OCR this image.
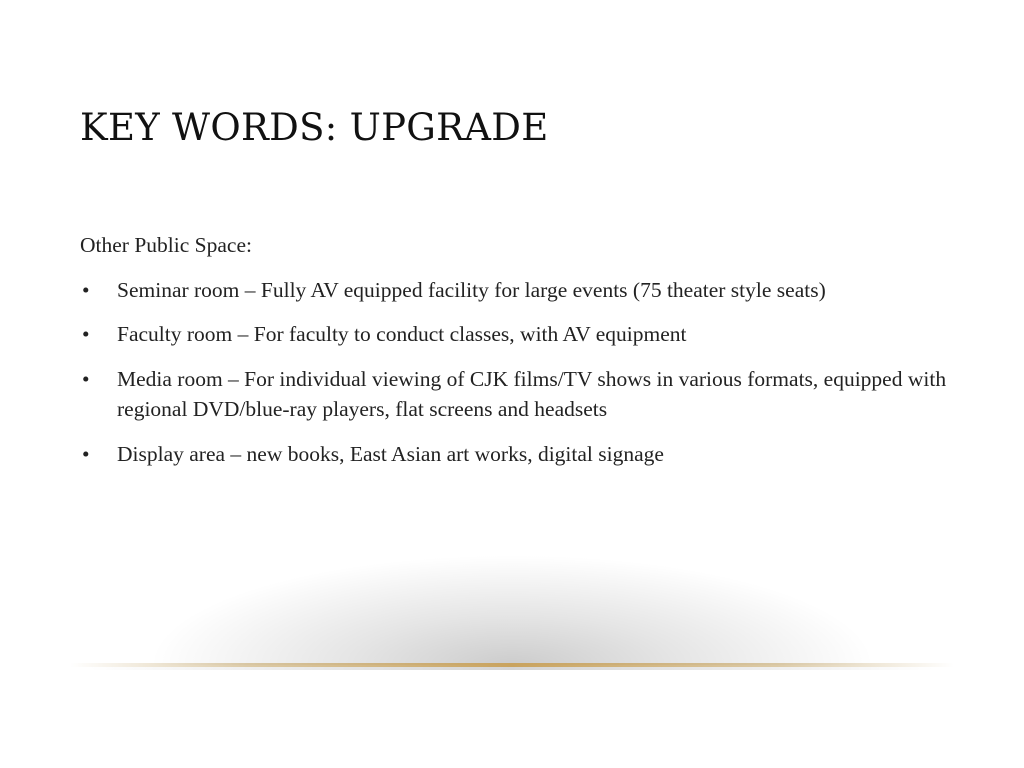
KEY WORDS: UPGRADE

Other Public Space:

• Seminar room – Fully AV equipped facility for large events (75 theater style seats)
• Faculty room – For faculty to conduct classes, with AV equipment
• Media room – For individual viewing of CJK films/TV shows in various formats, equipped with regional DVD/blue-ray players, flat screens and headsets
• Display area – new books, East Asian art works, digital signage
